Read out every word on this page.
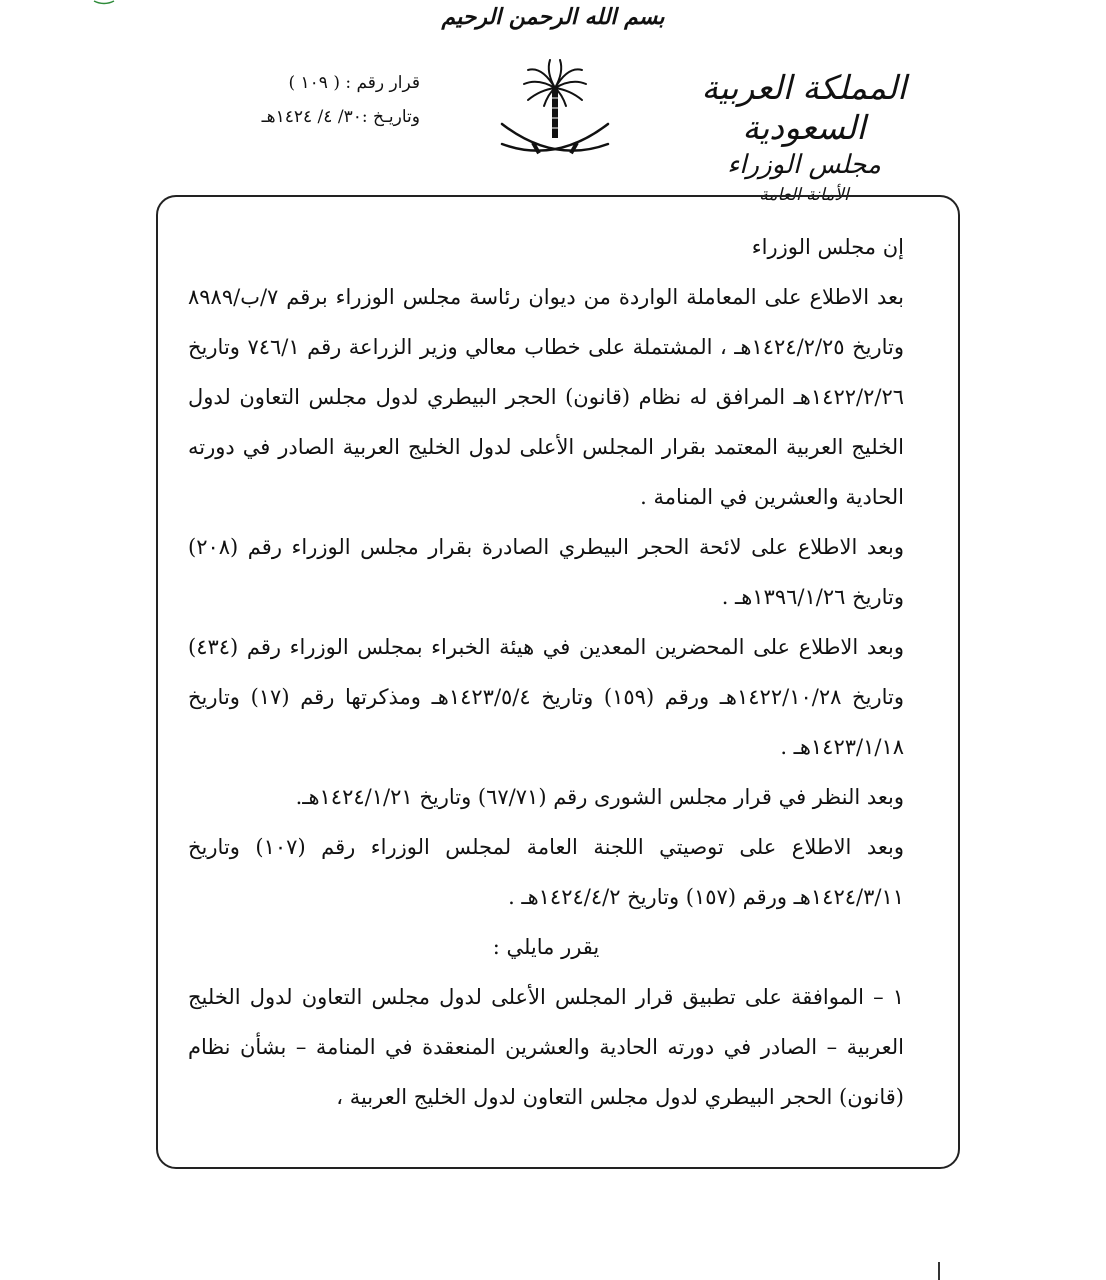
بسم الله الرحمن الرحيم
المملكة العربية السعودية
مجلس الوزراء
الأمانة العامة
قرار رقم : ( ١٠٩ )
وتاريـخ :٣٠/ ٤/ ١٤٢٤هـ

إن مجلس الوزراء

بعد الاطلاع على المعاملة الواردة من ديوان رئاسة مجلس الوزراء برقم ٧/ب/٨٩٨٩ وتاريخ ١٤٢٤/٢/٢٥هـ ، المشتملة على خطاب معالي وزير الزراعة رقم ٧٤٦/١ وتاريخ ١٤٢٢/٢/٢٦هـ المرافق له نظام (قانون) الحجر البيطري لدول مجلس التعاون لدول الخليج العربية المعتمد بقرار المجلس الأعلى لدول الخليج العربية الصادر في دورته الحادية والعشرين في المنامة .

وبعد الاطلاع على لائحة الحجر البيطري الصادرة بقرار مجلس الوزراء رقم (٢٠٨) وتاريخ ١٣٩٦/١/٢٦هـ .

وبعد الاطلاع على المحضرين المعدين في هيئة الخبراء بمجلس الوزراء رقم (٤٣٤) وتاريخ ١٤٢٢/١٠/٢٨هـ ورقم (١٥٩) وتاريخ ١٤٢٣/٥/٤هـ ومذكرتها رقم (١٧) وتاريخ ١٤٢٣/١/١٨هـ .

وبعد النظر في قرار مجلس الشورى رقم (٦٧/٧١) وتاريخ ١٤٢٤/١/٢١هـ.

وبعد الاطلاع على توصيتي اللجنة العامة لمجلس الوزراء رقم (١٠٧) وتاريخ ١٤٢٤/٣/١١هـ ورقم (١٥٧) وتاريخ ١٤٢٤/٤/٢هـ .

يقرر مايلي :

١ – الموافقة على تطبيق قرار المجلس الأعلى لدول مجلس التعاون لدول الخليج العربية – الصادر في دورته الحادية والعشرين المنعقدة في المنامة – بشأن نظام (قانون) الحجر البيطري لدول مجلس التعاون لدول الخليج العربية ،
